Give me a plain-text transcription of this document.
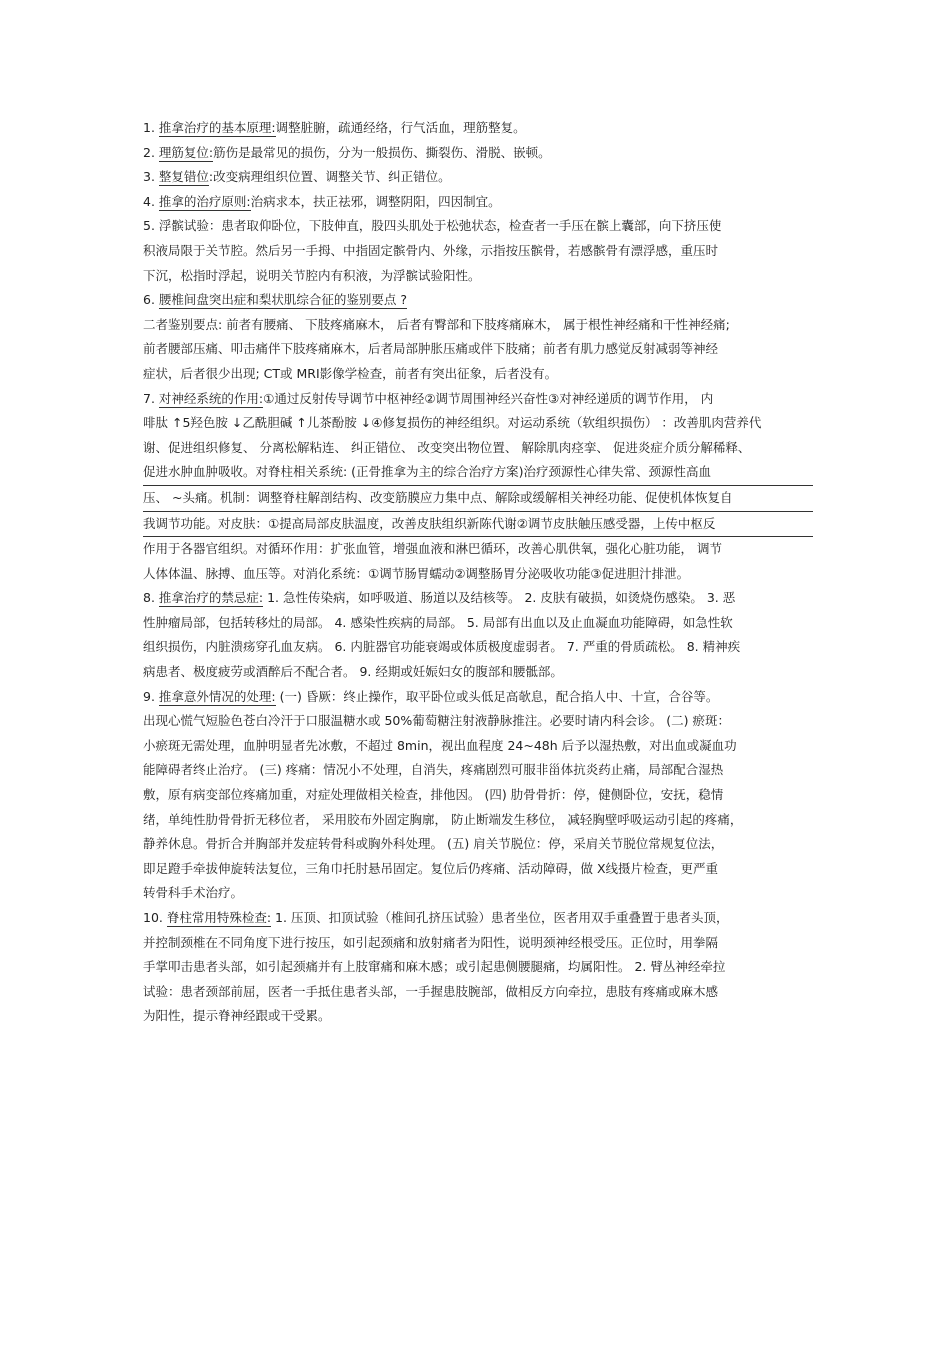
1. 推拿治疗的基本原理:调整脏腑，疏通经络，行气活血，理筋整复。
2. 理筋复位:筋伤是最常见的损伤，分为一般损伤、撕裂伤、滑脱、嵌顿。
3. 整复错位:改变病理组织位置、调整关节、纠正错位。
4. 推拿的治疗原则:治病求本，扶正祛邪，调整阴阳，四因制宜。
5. 浮髌试验：患者取仰卧位，下肢伸直，股四头肌处于松弛状态，检查者一手压在髌上囊部，向下挤压使
积液局限于关节腔。然后另一手拇、中指固定髌骨内、外缘，示指按压髌骨，若感髌骨有漂浮感，重压时
下沉，松指时浮起，说明关节腔内有积液，为浮髌试验阳性。
6. 腰椎间盘突出症和梨状肌综合征的鉴别要点 ?
二者鉴别要点: 前者有腰痛、 下肢疼痛麻木， 后者有臀部和下肢疼痛麻木， 属于根性神经痛和干性神经痛;
前者腰部压痛、叩击痛伴下肢疼痛麻木，后者局部肿胀压痛或伴下肢痛；前者有肌力感觉反射减弱等神经
症状，后者很少出现; CT或 MRI影像学检查，前者有突出征象，后者没有。
7. 对神经系统的作用:①通过反射传导调节中枢神经②调节周围神经兴奋性③对神经递质的调节作用， 内
啡肽 ↑5羟色胺 ↓乙酰胆碱 ↑儿茶酚胺 ↓④修复损伤的神经组织。对运动系统（软组织损伤） ：改善肌肉营养代
谢、促进组织修复、 分离松解粘连、 纠正错位、 改变突出物位置、 解除肌肉痉挛、 促进炎症介质分解稀释、
促进水肿血肿吸收。对脊柱相关系统: (正骨推拿为主的综合治疗方案)治疗颈源性心律失常、颈源性高血
压、 ~头痛。机制：调整脊柱解剖结构、改变筋膜应力集中点、解除或缓解相关神经功能、促使机体恢复自
我调节功能。对皮肤：①提高局部皮肤温度，改善皮肤组织新陈代谢②调节皮肤触压感受器，上传中枢反
作用于各器官组织。对循环作用：扩张血管，增强血液和淋巴循环，改善心肌供氧，强化心脏功能， 调节
人体体温、脉搏、血压等。对消化系统：①调节肠胃蠕动②调整肠胃分泌吸收功能③促进胆汁排泄。
8. 推拿治疗的禁忌症: 1. 急性传染病，如呼吸道、肠道以及结核等。 2. 皮肤有破损，如烫烧伤感染。 3. 恶
性肿瘤局部，包括转移灶的局部。 4. 感染性疾病的局部。 5. 局部有出血以及止血凝血功能障碍，如急性软
组织损伤，内脏溃疡穿孔血友病。 6. 内脏器官功能衰竭或体质极度虚弱者。 7. 严重的骨质疏松。 8. 精神疾
病患者、极度疲劳或酒醉后不配合者。 9. 经期或妊娠妇女的腹部和腰骶部。
9. 推拿意外情况的处理: (一) 昏厥：终止操作，取平卧位或头低足高欹息，配合掐人中、十宣，合谷等。
出现心慌气短脸色苍白冷汗于口服温糖水或 50%葡萄糖注射液静脉推注。必要时请内科会诊。 (二) 瘀斑：
小瘀斑无需处理，血肿明显者先冰敷，不超过 8min，视出血程度 24~48h 后予以湿热敷，对出血或凝血功
能障碍者终止治疗。 (三) 疼痛：情况小不处理，自消失，疼痛剧烈可服非甾体抗炎药止痛，局部配合湿热
敷，原有病变部位疼痛加重，对症处理做相关检查，排他因。 (四) 肋骨骨折：停，健侧卧位，安抚，稳情
绪，单纯性肋骨骨折无移位者， 采用胶布外固定胸廓， 防止断端发生移位， 减轻胸壁呼吸运动引起的疼痛，
静养休息。骨折合并胸部并发症转骨科或胸外科处理。 (五) 肩关节脱位：停，采肩关节脱位常规复位法，
即足蹬手牵拔伸旋转法复位，三角巾托肘悬吊固定。复位后仍疼痛、活动障碍，做 X线摄片检查，更严重
转骨科手术治疗。
10. 脊柱常用特殊检查: 1. 压顶、扣顶试验（椎间孔挤压试验）患者坐位，医者用双手重叠置于患者头顶，
并控制颈椎在不同角度下进行按压，如引起颈痛和放射痛者为阳性，说明颈神经根受压。正位时，用拳隔
手掌叩击患者头部，如引起颈痛并有上肢窜痛和麻木感；或引起患侧腰腿痛，均属阳性。 2. 臂丛神经牵拉
试验：患者颈部前屈，医者一手抵住患者头部，一手握患肢腕部，做相反方向牵拉，患肢有疼痛或麻木感
为阳性，提示脊神经跟或干受累。
